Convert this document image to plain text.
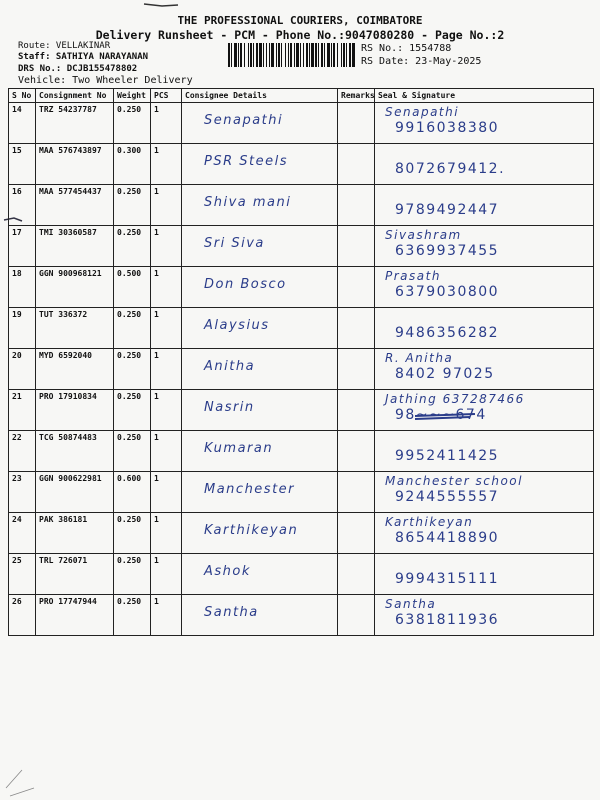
THE PROFESSIONAL COURIERS, COIMBATORE
Delivery Runsheet - PCM - Phone No.:9047080280 - Page No.:2
Route: VELLAKINAR
Staff: SATHIYA NARAYANAN
DRS No.: DCJB155478802
Vehicle: Two Wheeler Delivery
RS No.: 1554788
RS Date: 23-May-2025
S No	Consignment No	Weight	PCS	Consignee Details	Remarks	Seal & Signature
14	TRZ 54237787	0.250	1	Senapathi		Senapathi
9916038380

15	MAA 576743897	0.300	1	PSR Steels		8072679412.

16	MAA 577454437	0.250	1	Shiva mani		9789492447

17	TMI 30360587	0.250	1	Sri Siva		Sivashram
6369937455

18	GGN 900968121	0.500	1	Don Bosco		Prasath
6379030800

19	TUT 336372	0.250	1	Alaysius		9486356282

20	MYD 6592040	0.250	1	Anitha		R. Anitha
8402 97025

21	PRO 17910834	0.250	1	Nasrin		Jathing 637287466
98~~~674

22	TCG 50874483	0.250	1	Kumaran		9952411425

23	GGN 900622981	0.600	1	Manchester		Manchester school
9244555557

24	PAK 386181	0.250	1	Karthikeyan		Karthikeyan
8654418890

25	TRL 726071	0.250	1	Ashok		9994315111

26	PRO 17747944	0.250	1	Santha		Santha
6381811936
